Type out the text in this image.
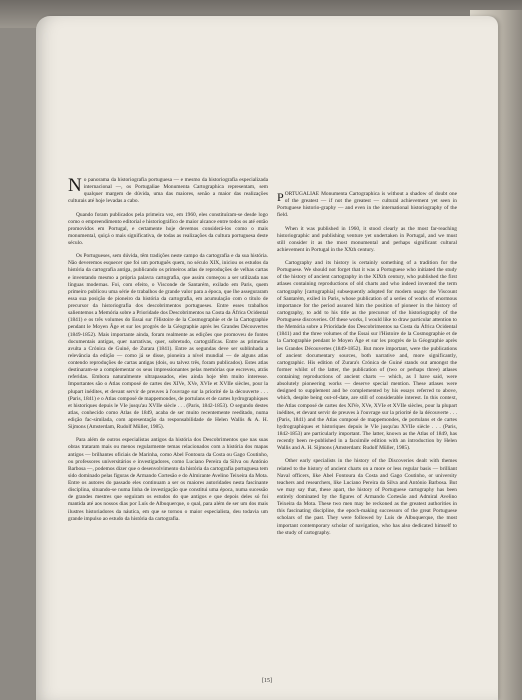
No panorama da historiografia portuguesa — e mesmo da historiografia especializada internacional —, os Portugaliae Monumenta Cartographica representam, sem qualquer margem de dúvida, uma das maiores, senão a maior das realizações culturais até hoje levadas a cabo.

Quando foram publicados pela primeira vez, em 1960, eles constituíram-se desde logo como o empreendimento editorial e historiográfico de maior alcance entre todos os até então promovidos em Portugal, e certamente hoje devemos considerá-los como o mais monumental, quiçá o mais significativa, de todas as realizações da cultura portuguesa deste século.

Os Portugueses, sem dúvida, têm tradições neste campo da cartografia e da sua história. Não deveremos esquecer que foi um português quem, no século XIX, iniciou os estudos da história da cartografia antiga, publicando os primeiros atlas de reproduções de velhas cartas e inventando mesmo a própria palavra cartografia, que assim começou a ser utilizada nas línguas modernas. Foi, com efeito, o Visconde de Santarém, exilado em Paris, quem primeiro publicou uma série de trabalhos de grande valor para a época, que lhe asseguraram essa sua posição de pioneiro da história da cartografia, em acumulação com o título de precursor da historiografia dos descobrimentos portugueses. Entre esses trabalhos salientemos a Memória sobre a Prioridade dos Descobrimentos na Costa da África Ocidental (1841) e os três volumes do Essai sur l'Histoire de la Cosmographie et de la Cartographie pendant le Moyen Âge et sur les progrès de la Géographie après les Grandes Découvertes (1849-1852). Mais importante ainda, foram realmente as edições que promoveu de fontes documentais antigas, quer narrativas, quer, sobretudo, cartográficas. Entre as primeiras avulta a Crónica de Guiné, de Zurara (1841). Entre as segundas deve ser sublinhada a relevância da edição — como já se disse, pioneira a nível mundial — de alguns atlas contendo reproduções de cartas antigas (dois, ou talvez três, foram publicados). Estes atlas destinaram-se a complementar os seus impressionantes pelas memórias que escreveu, atrás referidas. Embora naturalmente ultrapassados, eles ainda hoje têm muito interesse. Importantes são o Atlas composé de cartes des XIVe, XVe, XVIe et XVIIe siècles, pour la plupart inédites, et devant servir de preuves à l'ouvrage sur la priorité de la découverte . . . (Paris, 1841) e o Atlas composé de mappemondes, de portulans et de cartes hydrographiques et historiques depuis le VIe jusqu'au XVIIe siècle . . . (Paris, 1842-1853). O segundo destes atlas, conhecido como Atlas de 1849, acaba de ser muito recentemente reeditado, numa edição fac-similada, com apresentação da responsabilidade de Helen Wallis & A. H. Sijmons (Amsterdam, Rudolf Müller, 1985).

Para além de outros especialistas antigos da história dos Descobrimentos que nas suas obras trataram mais ou menos regularmente temas relacionados com a história dos mapas antigos — brilhantes oficiais de Marinha, como Abel Fontoura da Costa ou Gago Coutinho, ou professores universitários e investigadores, como Luciano Pereira da Silva ou António Barbosa —, podemos dizer que o desenvolvimento da história da cartografia portuguesa tem sido dominado pelas figuras de Armando Cortesão e do Almirante Avelino Teixeira da Mota. Entre os autores do passado eles continuam a ser os maiores autoridades nesta fascinante disciplina, situando-se numa linha de investigação que constitui uma época, numa sucessão de grandes mestres que seguiram os estudos do que antigos e que depois deles só foi mantida até aos nossos dias por Luís de Albuquerque, o qual, para além de ser um dos mais ilustres historiadores da náutica, em que se tornou o maior especialista, deu todavia um grande impulso ao estudo da história da cartografia.

PORTUGALIAE Monumenta Cartographica is without a shadow of doubt one of the greatest — if not the greatest — cultural achievement yet seen in Portuguese historio-graphy — and even in the international historiography of the field.

When it was published in 1960, it stood clearly as the most far-reaching historiographic and publishing venture yet undertaken in Portugal, and we must still consider it as the most monumental and perhaps significant cultural achievement in Portugal in the XXth century.

Cartography and its history is certainly something of a tradition for the Portuguese. We should not forget that it was a Portuguese who initiated the study of the history of ancient cartography in the XIXth century, who published the first atlases containing reproductions of old charts and who indeed invented the term cartography [cartographia] subsequently adopted for modern usage: the Viscount of Santarém, exiled in Paris, whose publication of a series of works of enormous importance for the period assured him the position of pioneer in the history of cartography, to add to his title as the precursor of the historiography of the Portuguese discoveries. Of these works, I would like to draw particular attention to the Memória sobre a Prioridade dos Descobrimentos na Costa da África Ocidental (1841) and the three volumes of the Essai sur l'Histoire de la Cosmographie et de la Cartographie pendant le Moyen Âge et sur les progrès de la Géographie après les Grandes Découvertes (1849-1852). But more important, were the publications of ancient documentary sources, both narrative and, more significantly, cartographic. His edition of Zurara's Crónica de Guiné stands out amongst the former whilst of the latter, the publication of (two or perhaps three) atlases containing reproductions of ancient charts — which, as I have said, were absolutely pioneering works — deserve special mention. These atlases were designed to supplement and be complemented by his essays referred to above, which, despite being out-of-date, are still of considerable interest. In this context, the Atlas composé de cartes des XIVe, XVe, XVIe et XVIIe siècles, pour la plupart inédites, et devant servir de preuves à l'ouvrage sur la priorité de la découverte . . . (Paris, 1841) and the Atlas composé de mappemondes, de portulans et de cartes hydrographiques et historiques depuis le VIe jusqu'au XVIIe siècle . . . (Paris, 1842-1853) are particularly important. The latter, known as the Atlas of 1849, has recently been re-published in a facsimile edition with an introduction by Helen Wallis and A. H. Sijmons (Amsterdam: Rudolf Müller, 1985).

Other early specialists in the history of the Discoveries dealt with themes related to the history of ancient charts on a more or less regular basis — brilliant Naval officers, like Abel Fontoura da Costa and Gago Coutinho, or university teachers and researchers, like Luciano Pereira da Silva and António Barbosa. But we may say that, these apart, the history of Portuguese cartography has been entirely dominated by the figures of Armando Cortesão and Admiral Avelino Teixeira da Mota. These two men may be reckoned as the greatest authorities in this fascinating discipline, the epoch-making successors of the great Portuguese scholars of the past. They were followed by Luís de Albuquerque, the most important contemporary scholar of navigation, who has also dedicated himself to the study of cartography.

[15]
